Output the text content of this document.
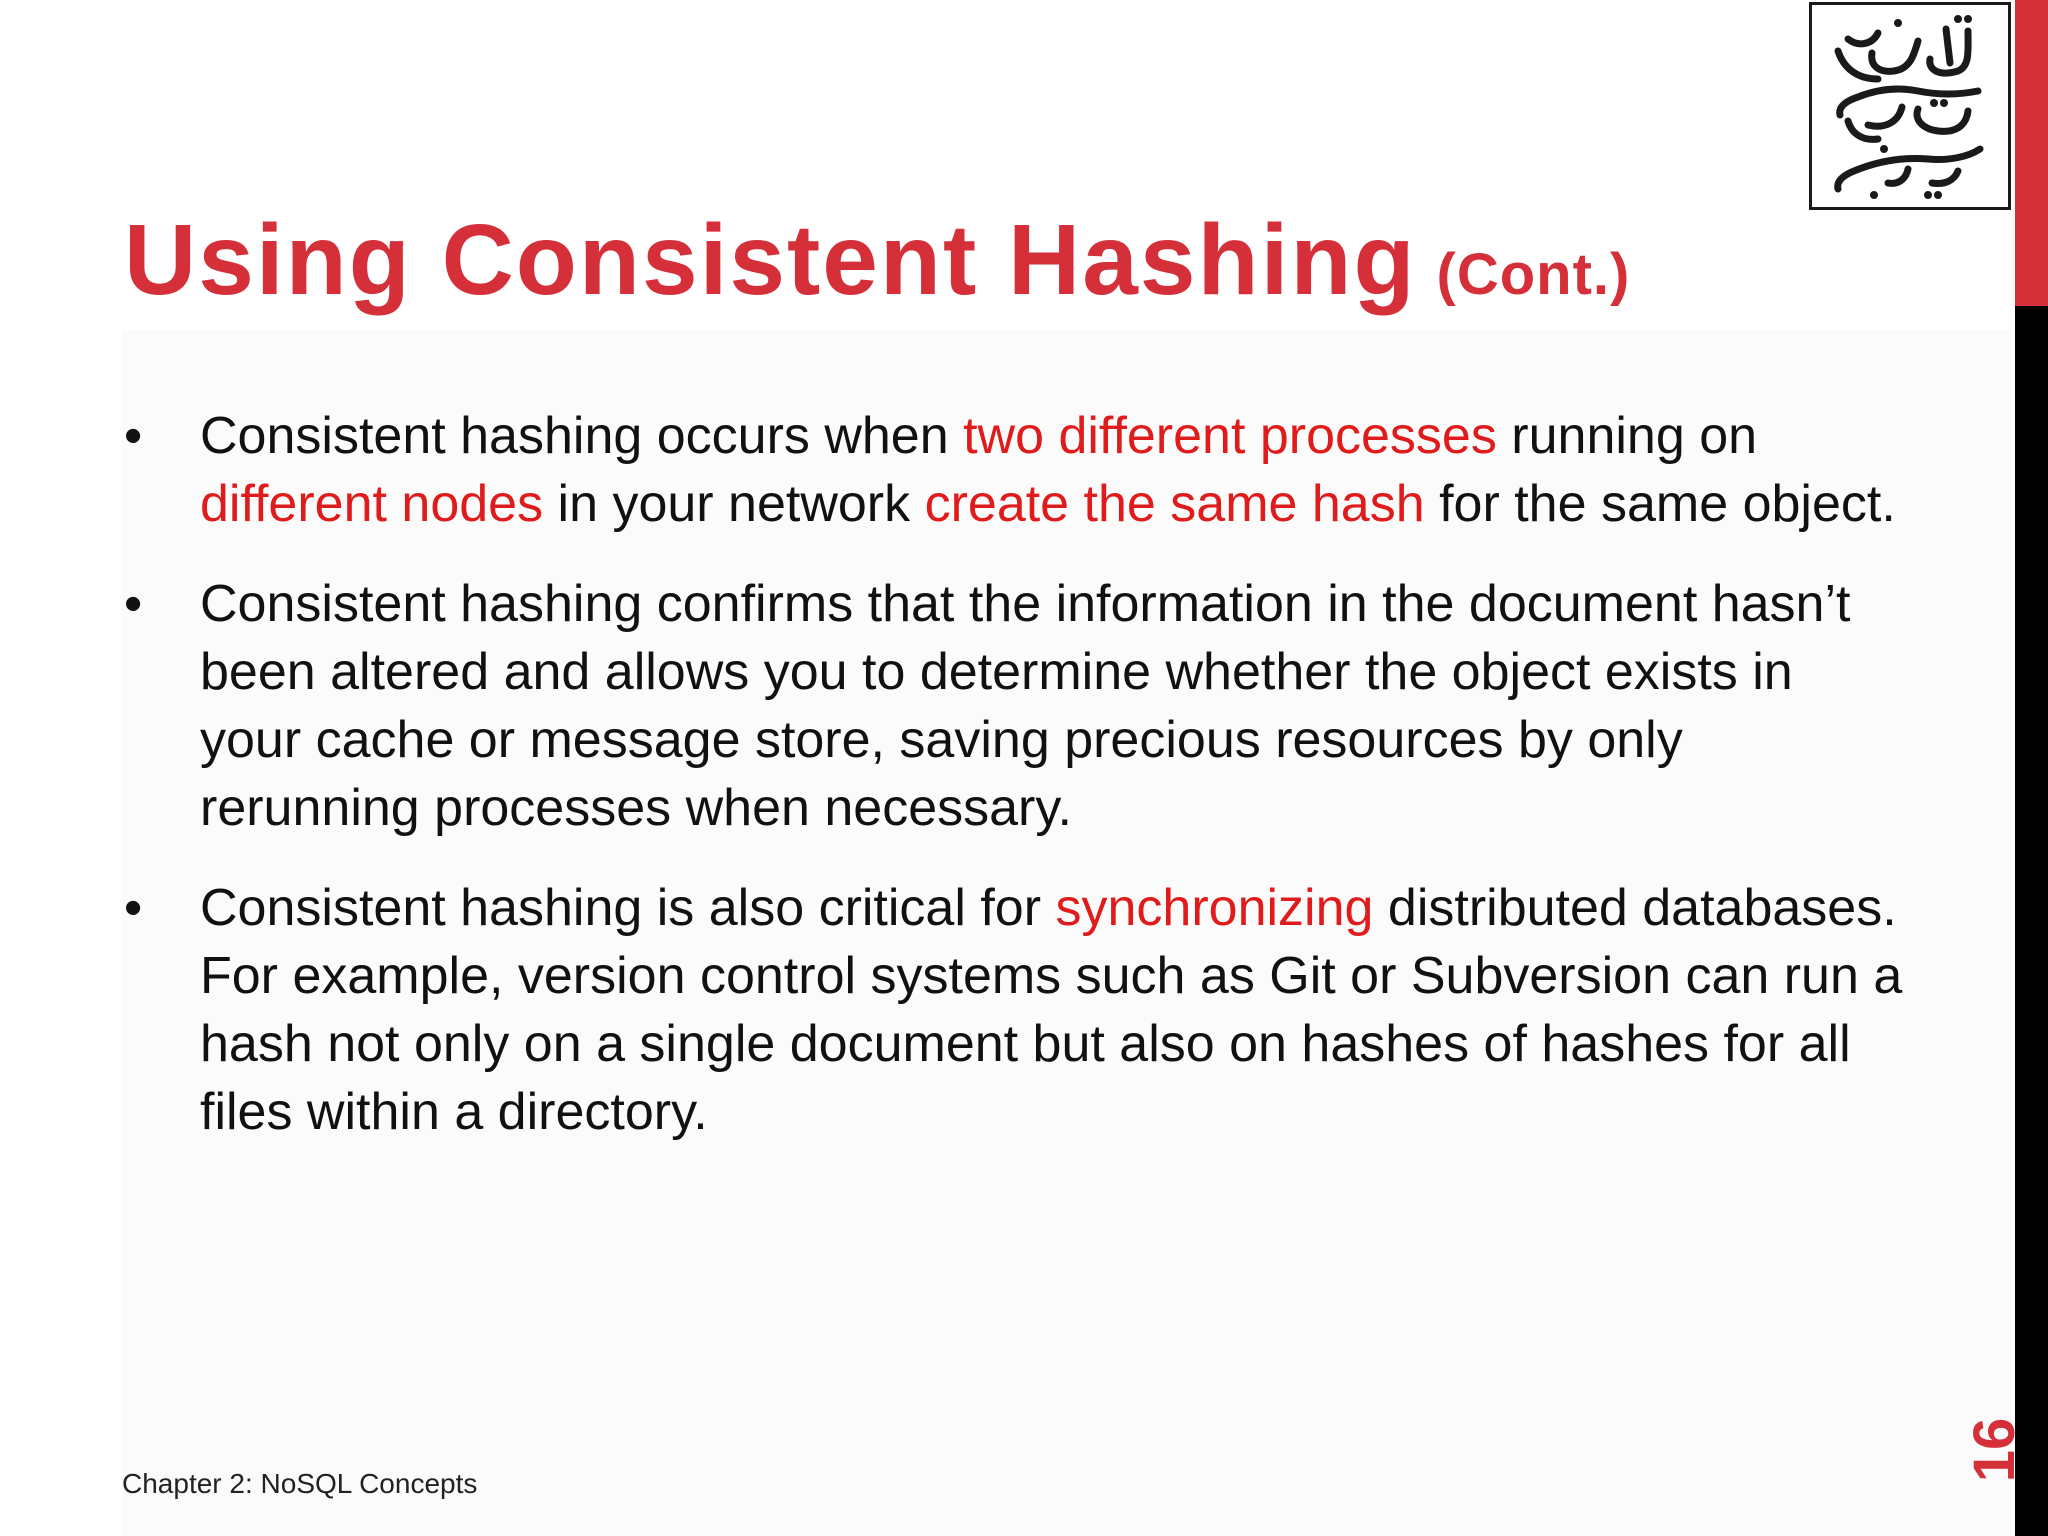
Using Consistent Hashing (Cont.)
• Consistent hashing occurs when two different processes running on different nodes in your network create the same hash for the same object.
• Consistent hashing confirms that the information in the document hasn’t been altered and allows you to determine whether the object exists in your cache or message store, saving precious resources by only rerunning processes when necessary.
• Consistent hashing is also critical for synchronizing distributed databases. For example, version control systems such as Git or Subversion can run a hash not only on a single document but also on hashes of hashes for all files within a directory.
Chapter 2: NoSQL Concepts
16
